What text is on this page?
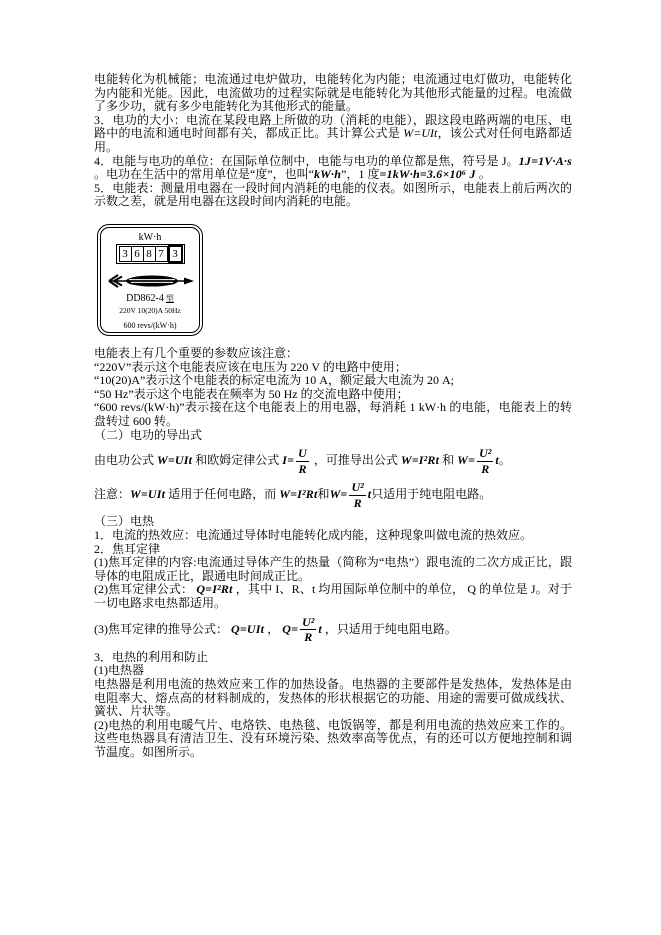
电能转化为机械能；电流通过电炉做功，电能转化为内能；电流通过电灯做功，电能转化为内能和光能。因此，电流做功的过程实际就是电能转化为其他形式能量的过程。电流做了多少功，就有多少电能转化为其他形式的能量。

3．电功的大小：电流在某段电路上所做的功（消耗的电能），跟这段电路两端的电压、电路中的电流和通电时间都有关，都成正比。其计算公式是 W=UIt，该公式对任何电路都适用。

4．电能与电功的单位：在国际单位制中，电能与电功的单位都是焦，符号是 J。1J=1V·A·s 。电功在生活中的常用单位是“度”，也叫“kW·h”，1 度=1kW·h=3.6×10⁶ J 。

5．电能表：测量用电器在一段时间内消耗的电能的仪表。如图所示，电能表上前后两次的示数之差，就是用电器在这段时间内消耗的电能。

kW·h
3 6 8 7 3
DD862-4 型
220V 10(20)A 50Hz
600 revs/(kW·h)

电能表上有几个重要的参数应该注意：

“220V”表示这个电能表应该在电压为 220 V 的电路中使用；

“10(20)A”表示这个电能表的标定电流为 10 A，额定最大电流为 20 A;

“50 Hz”表示这个电能表在频率为 50 Hz 的交流电路中使用；

“600 revs/(kW·h)”表示接在这个电能表上的用电器，每消耗 1 kW·h 的电能，电能表上的转盘转过 600 转。

（二）电功的导出式

由电功公式 W=UIt 和欧姆定律公式 $I= \frac{U}{R}$ ，可推导出公式 W=I²Rt 和 $W= \frac{\text{U²}}{R}$ t。

注意：W=UIt 适用于任何电路，而 W=I²Rt和$W= \frac{\text{U²}}{R}$ t只适用于纯电阻电路。

（三）电热

1．电流的热效应：电流通过导体时电能转化成内能，这种现象叫做电流的热效应。

2．焦耳定律

(1)焦耳定律的内容:电流通过导体产生的热量（简称为“电热”）跟电流的二次方成正比，跟导体的电阻成正比，跟通电时间成正比。

(2)焦耳定律公式： Q=I²Rt ，其中 I、R、t 均用国际单位制中的单位， Q 的单位是 J。对于一切电路求电热都适用。

(3)焦耳定律的推导公式： Q=UIt ， $Q= \frac{\text{U²}}{R}$ t ，只适用于纯电阻电路。

3．电热的利用和防止

(1)电热器

电热器是利用电流的热效应来工作的加热设备。电热器的主要部件是发热体，发热体是由电阻率大、熔点高的材料制成的，发热体的形状根据它的功能、用途的需要可做成线状、簧状、片状等。

(2)电热的利用电暖气片、电烙铁、电热毯、电饭锅等，都是利用电流的热效应来工作的。这些电热器具有清洁卫生、没有环境污染、热效率高等优点，有的还可以方便地控制和调节温度。如图所示。
